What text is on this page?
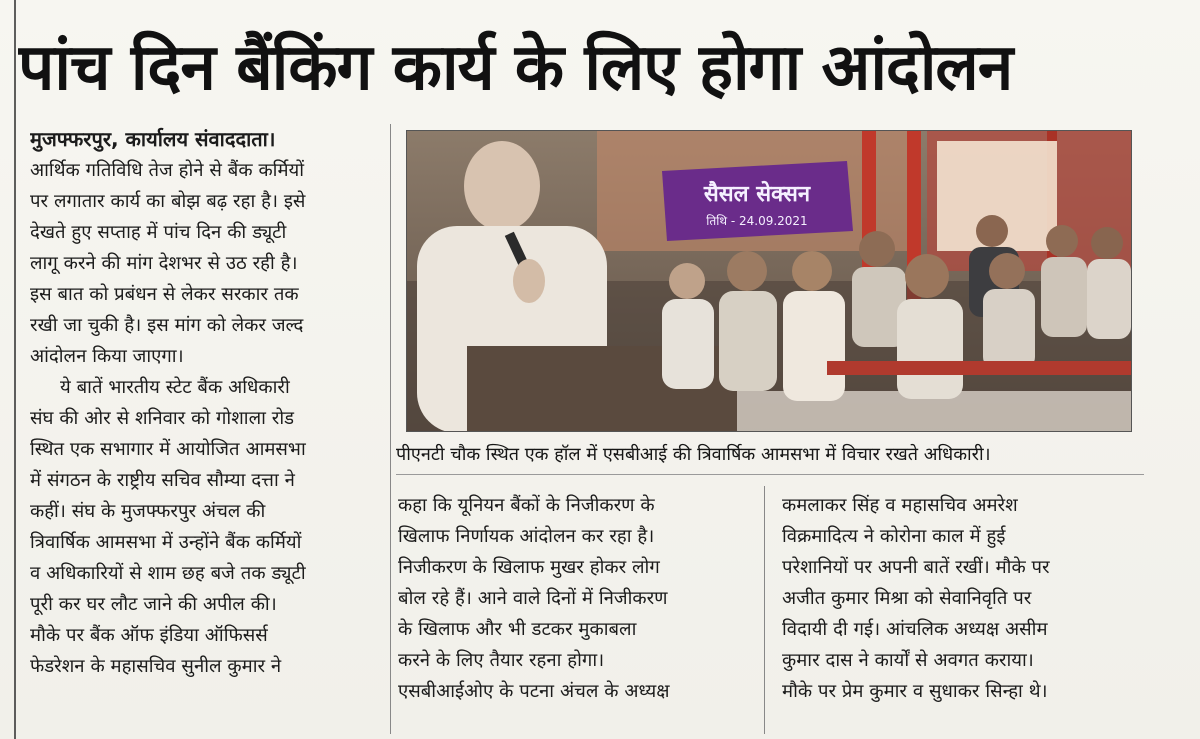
पांच दिन बैंकिंग कार्य के लिए होगा आंदोलन

मुजफ्फरपुर, कार्यालय संवाददाता।

आर्थिक गतिविधि तेज होने से बैंक कर्मियों

पर लगातार कार्य का बोझ बढ़ रहा है। इसे

देखते हुए सप्ताह में पांच दिन की ड्यूटी

लागू करने की मांग देशभर से उठ रही है।

इस बात को प्रबंधन से लेकर सरकार तक

रखी जा चुकी है। इस मांग को लेकर जल्द

आंदोलन किया जाएगा।

ये बातें भारतीय स्टेट बैंक अधिकारी

संघ की ओर से शनिवार को गोशाला रोड

स्थित एक सभागार में आयोजित आमसभा

में संगठन के राष्ट्रीय सचिव सौम्या दत्ता ने

कहीं। संघ के मुजफ्फरपुर अंचल की

त्रिवार्षिक आमसभा में उन्होंने बैंक कर्मियों

व अधिकारियों से शाम छह बजे तक ड्यूटी

पूरी कर घर लौट जाने की अपील की।

मौके पर बैंक ऑफ इंडिया ऑफिसर्स

फेडरेशन के महासचिव सुनील कुमार ने

सैसल सेक्सन
तिथि - 24.09.2021

पीएनटी चौक स्थित एक हॉल में एसबीआई की त्रिवार्षिक आमसभा में विचार रखते अधिकारी।

कहा कि यूनियन बैंकों के निजीकरण के

खिलाफ निर्णायक आंदोलन कर रहा है।

निजीकरण के खिलाफ मुखर होकर लोग

बोल रहे हैं। आने वाले दिनों में निजीकरण

के खिलाफ और भी डटकर मुकाबला

करने के लिए तैयार रहना होगा।

एसबीआईओए के पटना अंचल के अध्यक्ष

कमलाकर सिंह व महासचिव अमरेश

विक्रमादित्य ने कोरोना काल में हुई

परेशानियों पर अपनी बातें रखीं। मौके पर

अजीत कुमार मिश्रा को सेवानिवृति पर

विदायी दी गई। आंचलिक अध्यक्ष असीम

कुमार दास ने कार्यों से अवगत कराया।

मौके पर प्रेम कुमार व सुधाकर सिन्हा थे।
